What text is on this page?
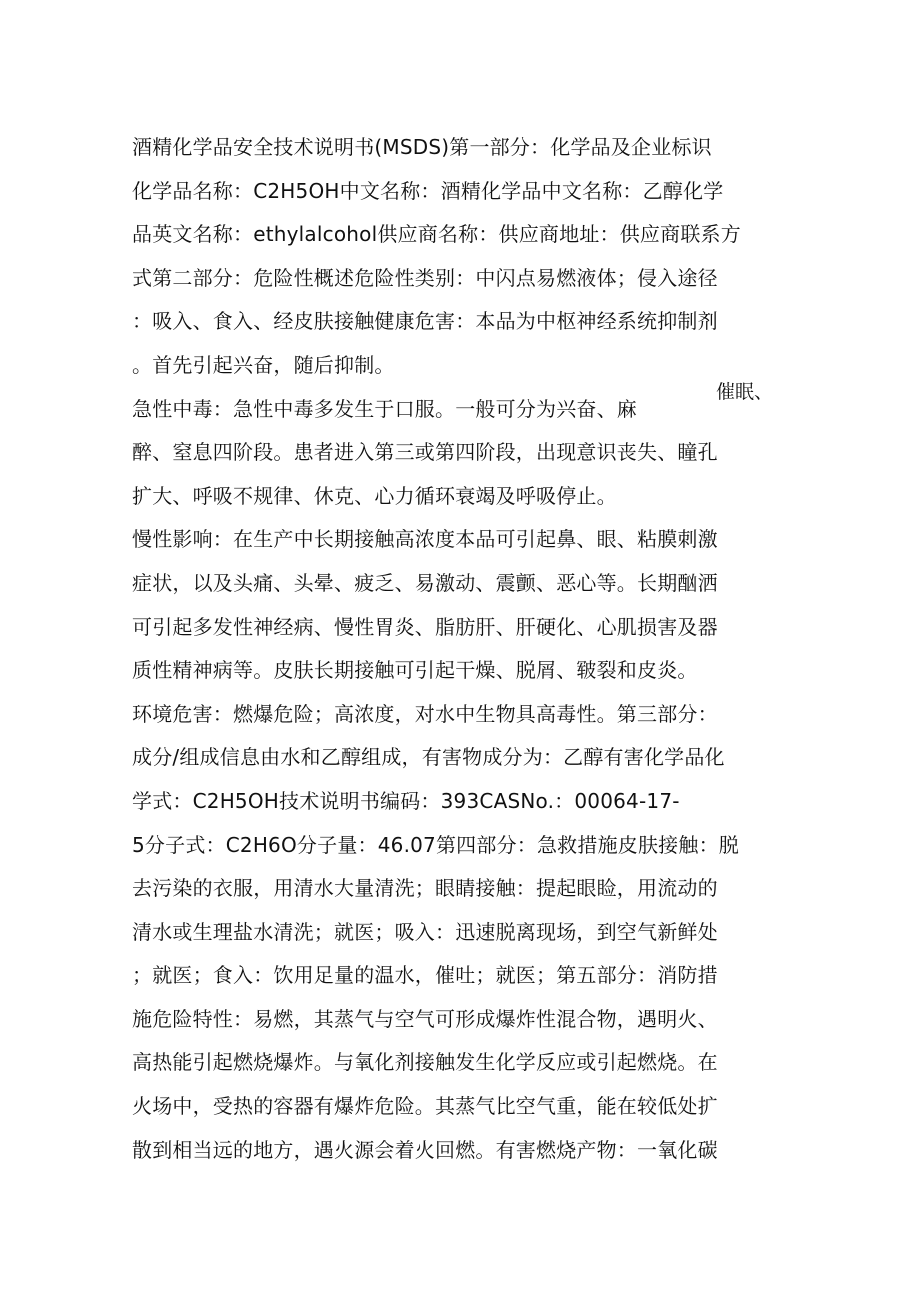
酒精化学品安全技术说明书(MSDS)第一部分：化学品及企业标识
化学品名称：C2H5OH中文名称：酒精化学品中文名称：乙醇化学
品英文名称：ethylalcohol供应商名称：供应商地址：供应商联系方
式第二部分：危险性概述危险性类别：中闪点易燃液体；侵入途径
：吸入、食入、经皮肤接触健康危害：本品为中枢神经系统抑制剂
。首先引起兴奋，随后抑制。
急性中毒：急性中毒多发生于口服。一般可分为兴奋、麻
醉、窒息四阶段。患者进入第三或第四阶段，出现意识丧失、瞳孔
扩大、呼吸不规律、休克、心力循环衰竭及呼吸停止。
慢性影响：在生产中长期接触高浓度本品可引起鼻、眼、粘膜刺激
症状，以及头痛、头晕、疲乏、易激动、震颤、恶心等。长期酗洒
可引起多发性神经病、慢性胃炎、脂肪肝、肝硬化、心肌损害及器
质性精神病等。皮肤长期接触可引起干燥、脱屑、皲裂和皮炎。
环境危害：燃爆危险；高浓度，对水中生物具高毒性。第三部分：
成分/组成信息由水和乙醇组成，有害物成分为：乙醇有害化学品化
学式：C2H5OH技术说明书编码：393CASNo.：00064-17-
5分子式：C2H6O分子量：46.07第四部分：急救措施皮肤接触：脱
去污染的衣服，用清水大量清洗；眼睛接触：提起眼睑，用流动的
清水或生理盐水清洗；就医；吸入：迅速脱离现场，到空气新鲜处
；就医；食入：饮用足量的温水，催吐；就医；第五部分：消防措
施危险特性：易燃，其蒸气与空气可形成爆炸性混合物，遇明火、
高热能引起燃烧爆炸。与氧化剂接触发生化学反应或引起燃烧。在
火场中，受热的容器有爆炸危险。其蒸气比空气重，能在较低处扩
散到相当远的地方，遇火源会着火回燃。有害燃烧产物：一氧化碳
催眠、
